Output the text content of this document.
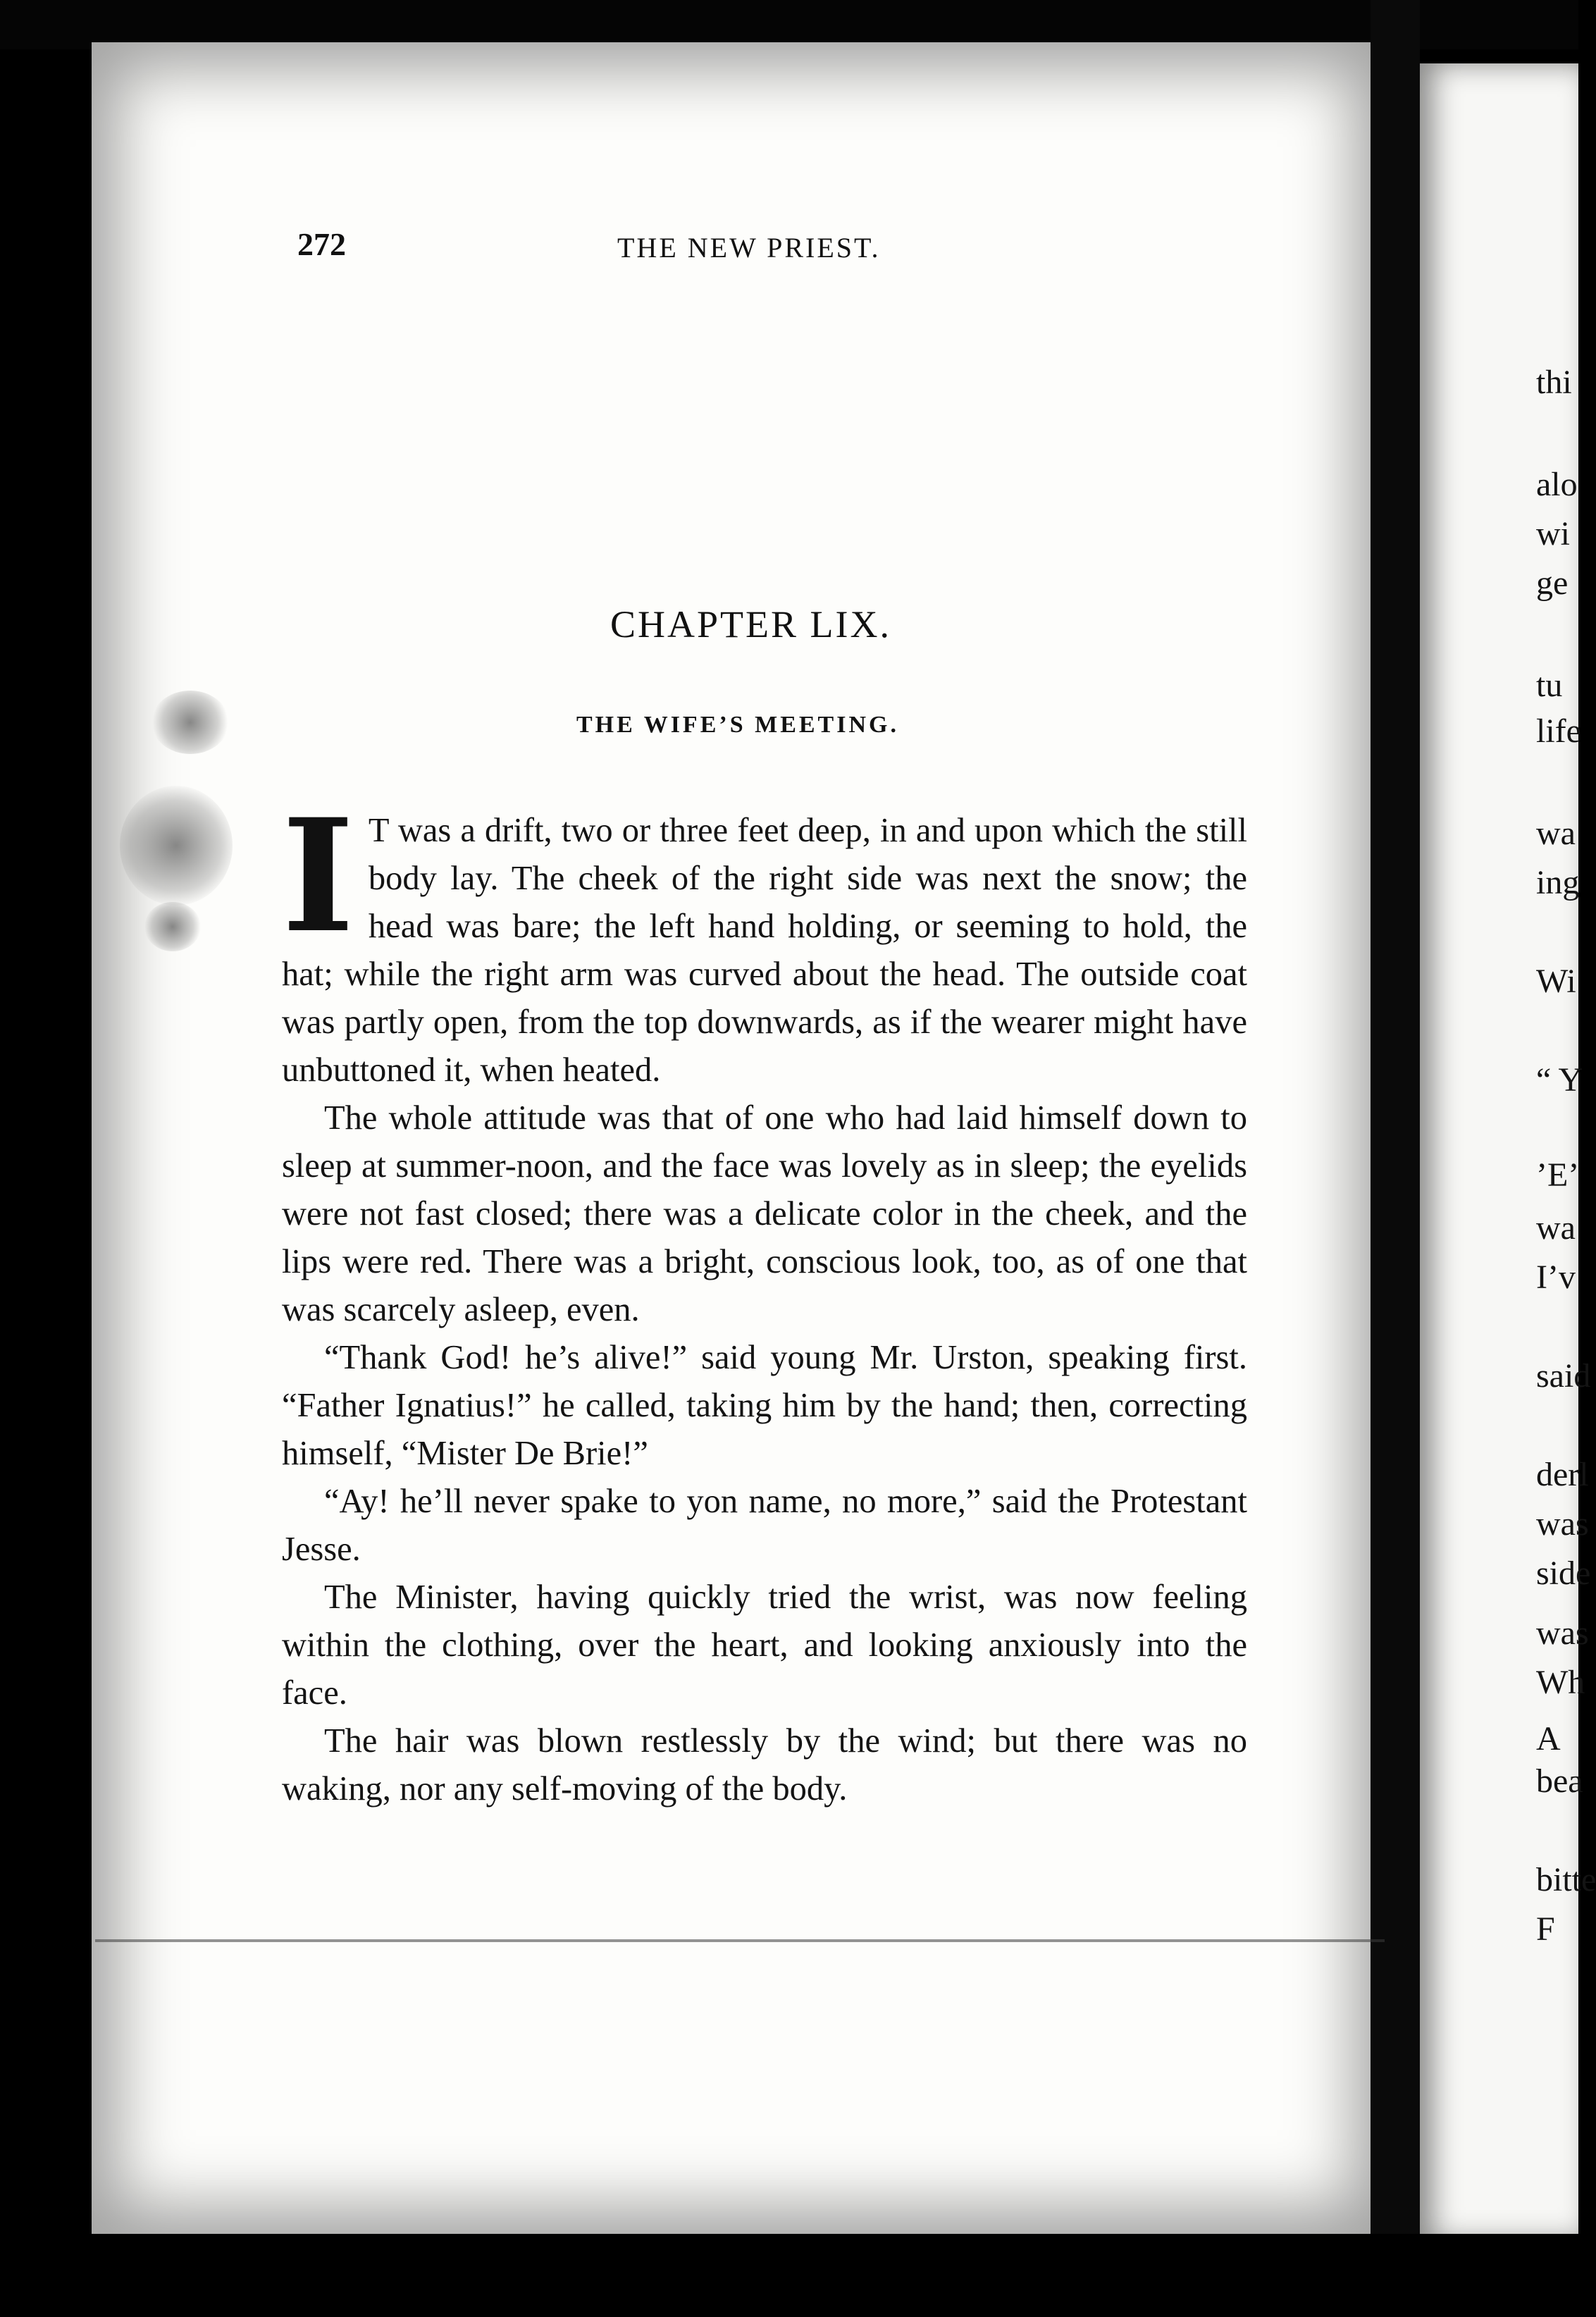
272	THE NEW PRIEST.
CHAPTER LIX.
THE WIFE’S MEETING.

I T was a drift, two or three feet deep, in and upon which the still body lay. The cheek of the right side was next the snow; the head was bare; the left hand holding, or seeming to hold, the hat; while the right arm was curved about the head. The outside coat was partly open, from the top downwards, as if the wearer might have unbuttoned it, when heated.

The whole attitude was that of one who had laid himself down to sleep at summer-noon, and the face was lovely as in sleep; the eyelids were not fast closed; there was a delicate color in the cheek, and the lips were red. There was a bright, conscious look, too, as of one that was scarcely asleep, even.

“Thank God! he’s alive!” said young Mr. Urston, speaking first. “Father Ignatius!” he called, taking him by the hand; then, correcting himself, “Mister De Brie!”

“Ay! he’ll never spake to yon name, no more,” said the Protestant Jesse.

The Minister, having quickly tried the wrist, was now feeling within the clothing, over the heart, and looking anxiously into the face.

The hair was blown restlessly by the wind; but there was no waking, nor any self-moving of the body.

thi
alo
wi
ge
tu
life
wa
ing
Wi
“ Y
’E’
wa
I’v
said
derl
was
side
was
Wh
A
bea
bitte
F
